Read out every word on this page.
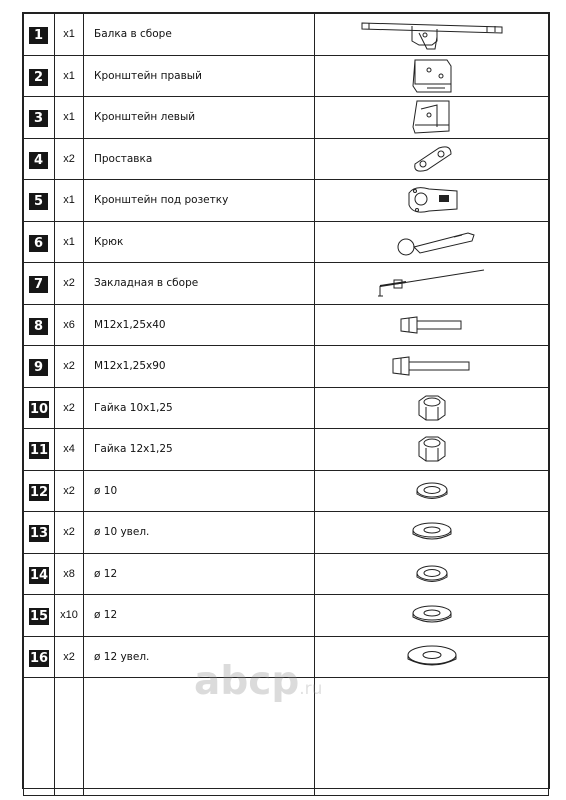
1	x1	Балка в сборе	

2	x1	Кронштейн правый	

3	x1	Кронштейн левый	

4	x2	Проставка	

5	x1	Кронштейн под розетку	

6	x1	Крюк	

7	x2	Закладная в сборе	

8	x6	M12x1,25x40	

9	x2	M12x1,25x90	

10	x2	Гайка 10x1,25	

11	x4	Гайка 12x1,25	

12	x2	ø 10	

13	x2	ø 10 увел.	

14	x8	ø 12	

15	x10	ø 12	

16	x2	ø 12 увел.	

abcp.ru
